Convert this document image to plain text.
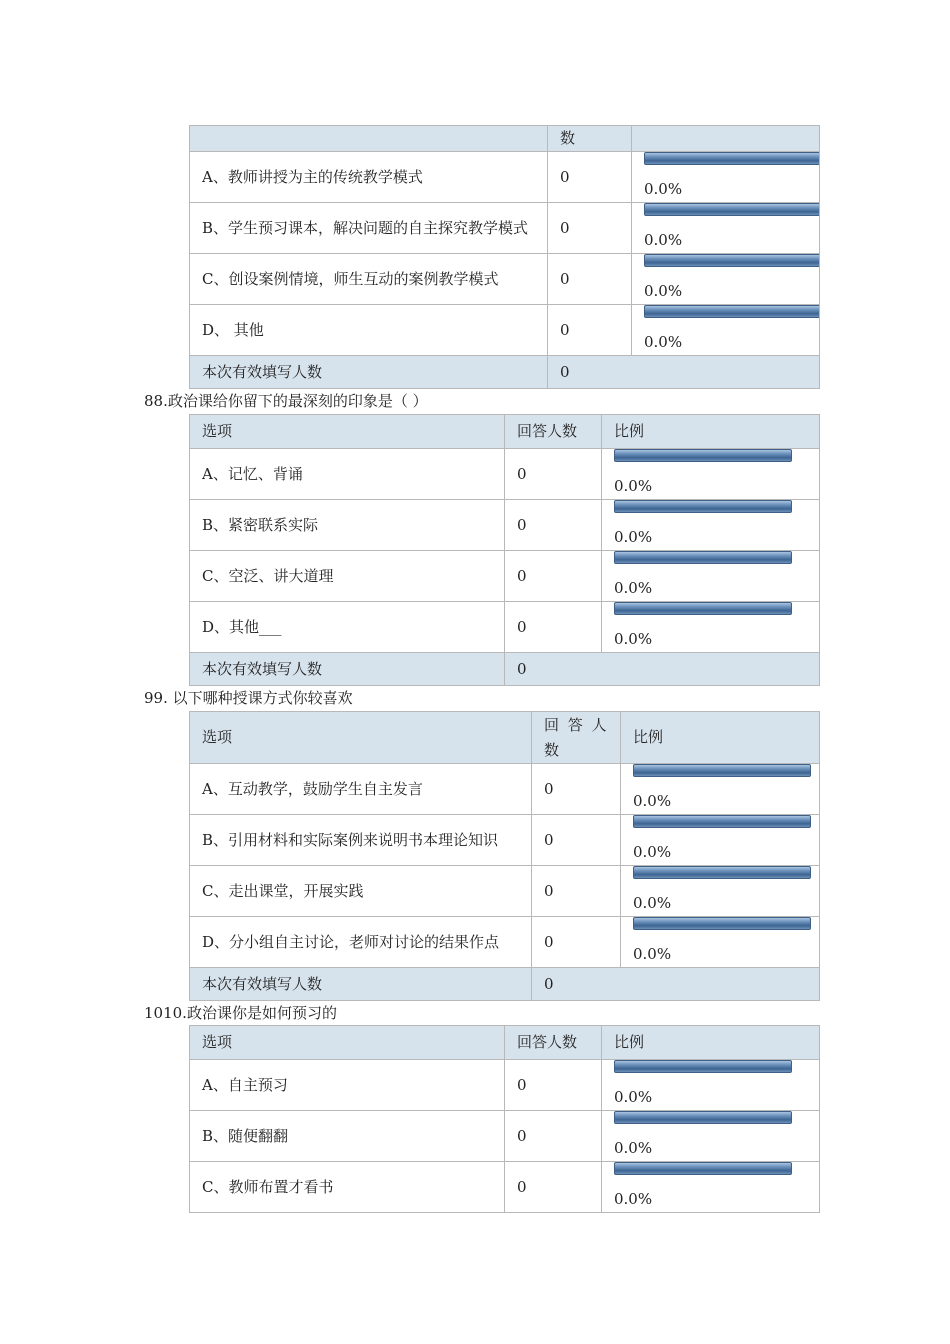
	数	
A、教师讲授为主的传统教学模式	0	0.0%

B、学生预习课本，解决问题的自主探究教学模式	0	0.0%

C、创设案例情境，师生互动的案例教学模式	0	0.0%

D、 其他	0	0.0%

本次有效填写人数	0	
88.政治课给你留下的最深刻的印象是（ ）
选项	回答人数	比例
A、记忆、背诵	0	0.0%

B、紧密联系实际	0	0.0%

C、空泛、讲大道理	0	0.0%

D、其他___	0	0.0%

本次有效填写人数	0	
99. 以下哪种授课方式你较喜欢
选项	回 答 人 数	比例
A、互动教学，鼓励学生自主发言	0	0.0%

B、引用材料和实际案例来说明书本理论知识	0	0.0%

C、走出课堂，开展实践	0	0.0%

D、分小组自主讨论，老师对讨论的结果作点	0	0.0%

本次有效填写人数	0	
1010.政治课你是如何预习的
选项	回答人数	比例
A、自主预习	0	0.0%

B、随便翻翻	0	0.0%

C、教师布置才看书	0	0.0%
